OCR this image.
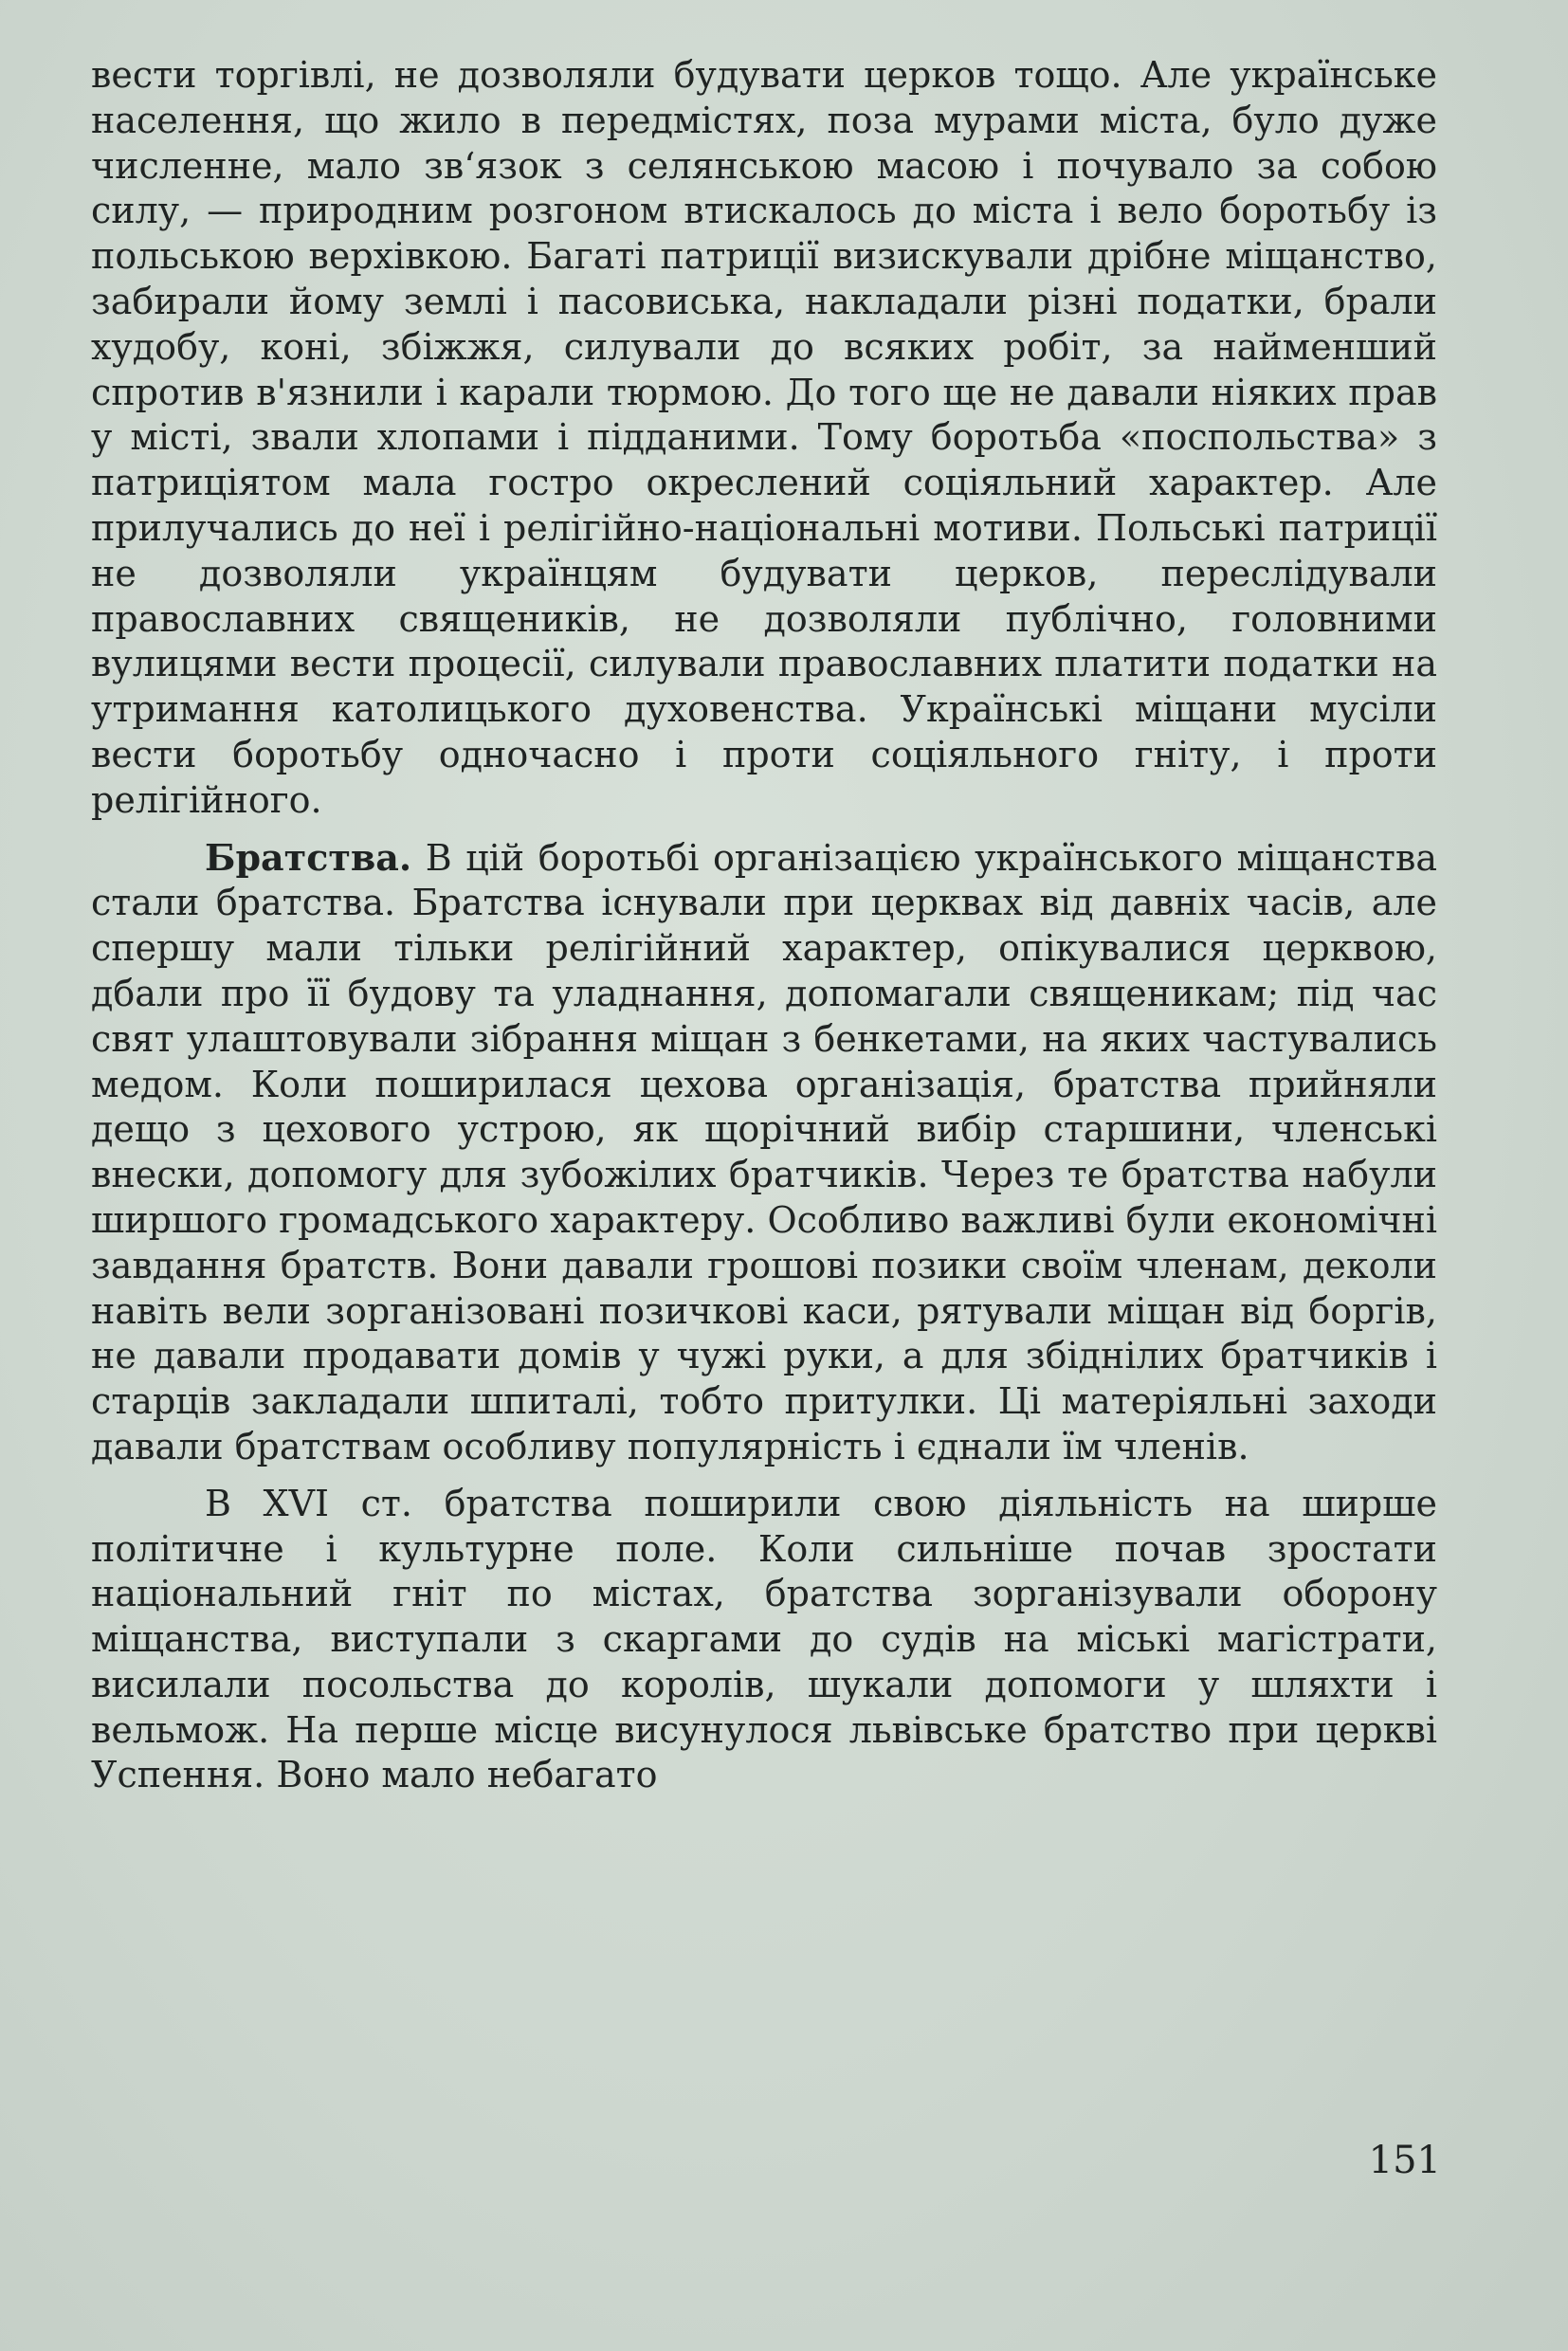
вести торгівлі, не дозволяли будувати церков тощо. Але українське населення, що жило в передмістях, поза мурами міста, було дуже численне, мало зв‘язок з селянською масою і почувало за собою силу, — природним розгоном втискалось до міста і вело боротьбу із польською верхівкою. Багаті патриції визискували дрібне міщанство, забирали йому землі і пасовиська, накладали різні податки, брали худобу, коні, збіжжя, силували до всяких робіт, за найменший спротив в'язнили і карали тюрмою. До того ще не давали ніяких прав у місті, звали хлопами і підданими. Тому боротьба «поспольства» з патриціятом мала гостро окреслений соціяльний характер. Але прилучались до неї і релігійно-національні мотиви. Польські патриції не дозволяли українцям будувати церков, переслідували православних священиків, не дозволяли публічно, головними вулицями вести процесії, силували православних платити податки на утримання католицького духовенства. Українські міщани мусіли вести боротьбу одночасно і проти соціяльного гніту, і проти релігійного.

Братства. В цій боротьбі організацією українського міщанства стали братства. Братства існували при церквах від давніх часів, але спершу мали тільки релігійний характер, опікувалися церквою, дбали про її будову та уладнання, допомагали священикам; під час свят улаштовували зібрання міщан з бенкетами, на яких частувались медом. Коли поширилася цехова організація, братства прийняли дещо з цехового устрою, як щорічний вибір старшини, членські внески, допомогу для зубожілих братчиків. Через те братства набули ширшого громадського характеру. Особливо важливі були економічні завдання братств. Вони давали грошові позики своїм членам, деколи навіть вели зорганізовані позичкові каси, рятували міщан від боргів, не давали продавати домів у чужі руки, а для збіднілих братчиків і старців закладали шпиталі, тобто притулки. Ці матеріяльні заходи давали братствам особливу популярність і єднали їм членів.

В XVI ст. братства поширили свою діяльність на ширше політичне і культурне поле. Коли сильніше почав зростати національний гніт по містах, братства зорганізували оборону міщанства, виступали з скаргами до судів на міські магістрати, висилали посольства до королів, шукали допомоги у шляхти і вельмож. На перше місце висунулося львівське братство при церкві Успення. Воно мало небагато

151
